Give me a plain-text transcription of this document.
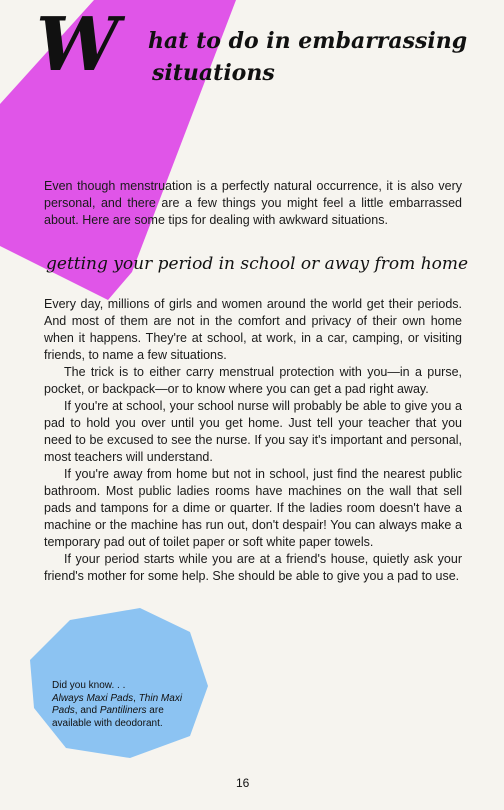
W hat to do in embarrassing
situations

Even though menstruation is a perfectly natural occurrence, it is also very personal, and there are a few things you might feel a little embarrassed about. Here are some tips for dealing with awkward situations.

getting your period in school or away from home

Every day, millions of girls and women around the world get their periods. And most of them are not in the comfort and privacy of their own home when it happens. They're at school, at work, in a car, camping, or visiting friends, to name a few situations.

The trick is to either carry menstrual protection with you—in a purse, pocket, or backpack—or to know where you can get a pad right away.

If you're at school, your school nurse will probably be able to give you a pad to hold you over until you get home. Just tell your teacher that you need to be excused to see the nurse. If you say it's important and personal, most teachers will understand.

If you're away from home but not in school, just find the nearest public bathroom. Most public ladies rooms have machines on the wall that sell pads and tampons for a dime or quarter. If the ladies room doesn't have a machine or the machine has run out, don't despair! You can always make a temporary pad out of toilet paper or soft white paper towels.

If your period starts while you are at a friend's house, quietly ask your friend's mother for some help. She should be able to give you a pad to use.

Did you know. . .
Always Maxi Pads, Thin Maxi Pads, and Pantiliners are available with deodorant.
16
